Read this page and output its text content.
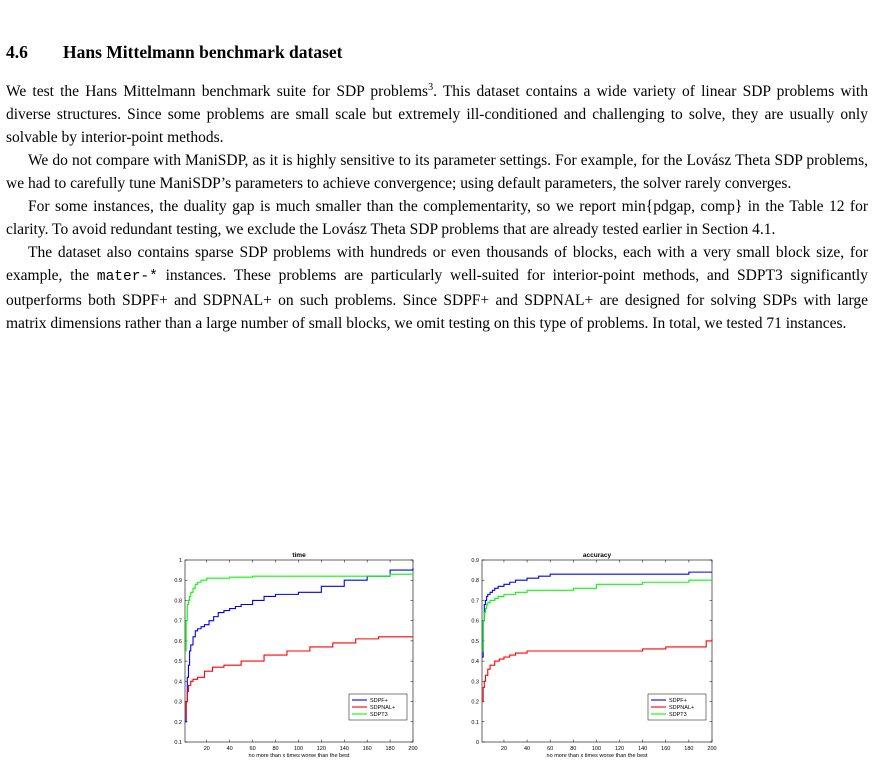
4.6 Hans Mittelmann benchmark dataset

We test the Hans Mittelmann benchmark suite for SDP problems$^3$. This dataset contains a wide variety of linear SDP problems with diverse structures. Since some problems are small scale but extremely ill-conditioned and challenging to solve, they are usually only solvable by interior-point methods.

We do not compare with ManiSDP, as it is highly sensitive to its parameter settings. For example, for the Lovász Theta SDP problems, we had to carefully tune ManiSDP’s parameters to achieve convergence; using default parameters, the solver rarely converges.

For some instances, the duality gap is much smaller than the complementarity, so we report min{pdgap, comp} in the Table 12 for clarity. To avoid redundant testing, we exclude the Lovász Theta SDP problems that are already tested earlier in Section 4.1.

The dataset also contains sparse SDP problems with hundreds or even thousands of blocks, each with a very small block size, for example, the mater-* instances. These problems are particularly well-suited for interior-point methods, and SDPT3 significantly outperforms both SDPF+ and SDPNAL+ on such problems. Since SDPF+ and SDPNAL+ are designed for solving SDPs with large matrix dimensions rather than a large number of small blocks, we omit testing on this type of problems. In total, we tested 71 instances.

time
0.1
0.2
0.3
0.4
0.5
0.6
0.7
0.8
0.9
1
20	40	60	80	100 120 140 160 180 200
no more than x times worse than the best
SDPF+
SDPNAL+
SDPT3
accuracy
0
0.1
0.2
0.3
0.4
0.5
0.6
0.7
0.8
0.9
20	40	60	80	100	120	140	160	180	200
no more than x times worse than the best
SDPF+
SDPNAL+
SDPT3
